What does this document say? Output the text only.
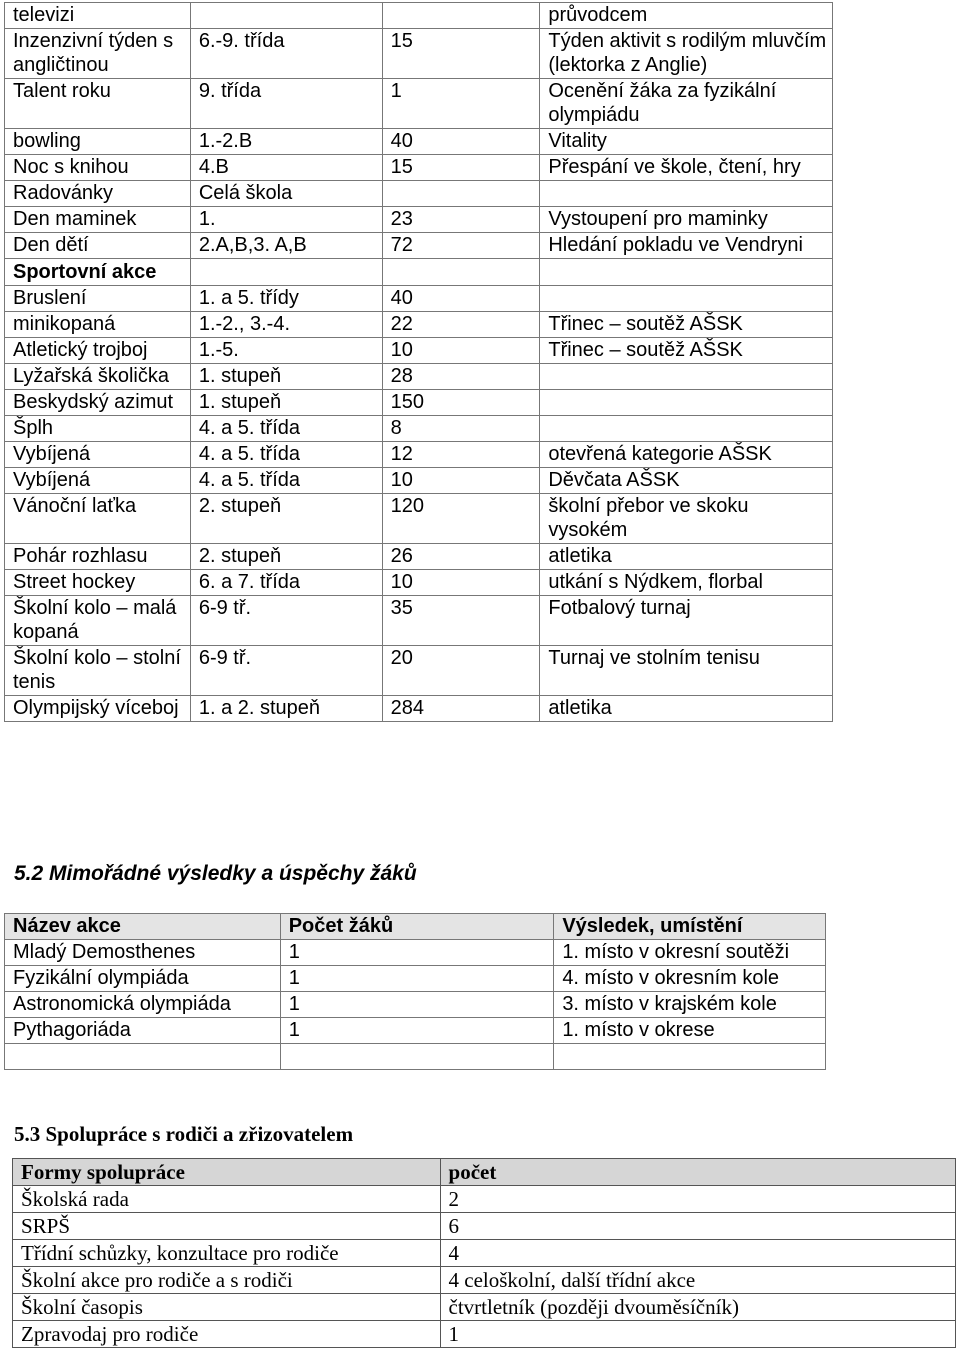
televizi			průvodcem
Inzenzivní týden s angličtinou	6.-9. třída	15	Týden aktivit s rodilým mluvčím (lektorka z Anglie)
Talent roku	9. třída	1	Ocenění žáka za fyzikální olympiádu
bowling	1.-2.B	40	Vitality
Noc s knihou	4.B	15	Přespání ve škole, čtení, hry
Radovánky	Celá škola		
Den maminek	1.	23	Vystoupení pro maminky
Den dětí	2.A,B,3. A,B	72	Hledání pokladu ve Vendryni
Sportovní akce			
Bruslení	1. a 5. třídy	40	
minikopaná	1.-2., 3.-4.	22	Třinec – soutěž AŠSK
Atletický trojboj	1.-5.	10	Třinec – soutěž AŠSK
Lyžařská školička	1. stupeň	28	
Beskydský azimut	1. stupeň	150	
Šplh	4. a 5. třída	8	
Vybíjená	4. a 5. třída	12	otevřená kategorie AŠSK
Vybíjená	4. a 5. třída	10	Děvčata AŠSK
Vánoční laťka	2. stupeň	120	školní přebor ve skoku vysokém
Pohár rozhlasu	2. stupeň	26	atletika
Street hockey	6. a 7. třída	10	utkání s Nýdkem, florbal
Školní kolo – malá kopaná	6-9 tř.	35	Fotbalový turnaj
Školní kolo – stolní tenis	6-9 tř.	20	Turnaj ve stolním tenisu
Olympijský víceboj	1. a 2. stupeň	284	atletika
5.2 Mimořádné výsledky a úspěchy žáků
Název akce	Počet žáků	Výsledek, umístění
Mladý Demosthenes	1	1. místo v okresní soutěži
Fyzikální olympiáda	1	4. místo v okresním kole
Astronomická olympiáda	1	3. místo v krajském kole
Pythagoriáda	1	1. místo v okrese

5.3 Spolupráce s rodiči a zřizovatelem
Formy spolupráce	počet
Školská rada	2
SRPŠ	6
Třídní schůzky, konzultace pro rodiče	4
Školní akce pro rodiče a s rodiči	4 celoškolní, další třídní akce
Školní časopis	čtvrtletník (později dvouměsíčník)
Zpravodaj pro rodiče	1
